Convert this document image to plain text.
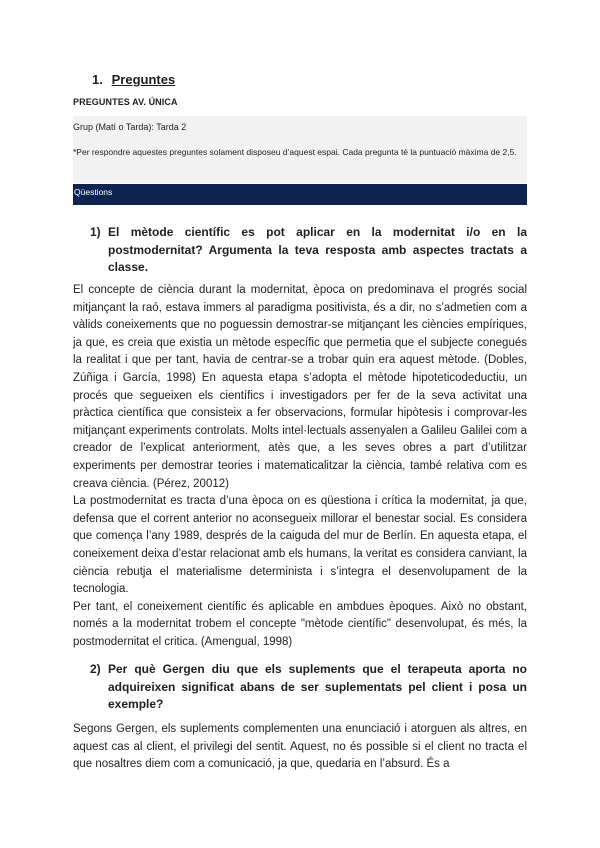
1. Preguntes
PREGUNTES AV. ÚNICA
Grup (Matí o Tarda): Tarda 2
*Per respondre aquestes preguntes solament disposeu d’aquest espai. Cada pregunta té la puntuació màxima de 2,5.
Qüestions
1) El mètode científic es pot aplicar en la modernitat i/o en la postmodernitat? Argumenta la teva resposta amb aspectes tractats a classe.

El concepte de ciència durant la modernitat, època on predominava el progrés social mitjançant la raó, estava immers al paradigma positivista, és a dir, no s’admetien com a vàlids coneixements que no poguessin demostrar-se mitjançant les ciències empíriques, ja que, es creia que existia un mètode específic que permetia que el subjecte conegués la realitat i que per tant, havia de centrar-se a trobar quin era aquest mètode. (Dobles, Zúñiga i García, 1998) En aquesta etapa s’adopta el mètode hipoteticodeductiu, un procés que segueixen els científics i investigadors per fer de la seva activitat una pràctica científica que consisteix a fer observacions, formular hipòtesis i comprovar-les mitjançant experiments controlats. Molts intel·lectuals assenyalen a Galileu Galilei com a creador de l’explicat anteriorment, atès que, a les seves obres a part d’utilitzar experiments per demostrar teories i matematicalitzar la ciència, també relativa com es creava ciència. (Pérez, 20012)

La postmodernitat es tracta d’una època on es qüestiona i crítica la modernitat, ja que, defensa que el corrent anterior no aconsegueix millorar el benestar social. Es considera que comença l’any 1989, després de la caiguda del mur de Berlín. En aquesta etapa, el coneixement deixa d’estar relacionat amb els humans, la veritat es considera canviant, la ciència rebutja el materialisme determinista i s’integra el desenvolupament de la tecnologia.

Per tant, el coneixement científic és aplicable en ambdues èpoques. Això no obstant, només a la modernitat trobem el concepte "mètode científic" desenvolupat, és més, la postmodernitat el critica. (Amengual, 1998)

2) Per què Gergen diu que els suplements que el terapeuta aporta no adquireixen significat abans de ser suplementats pel client i posa un exemple?

Segons Gergen, els suplements complementen una enunciació i atorguen als altres, en aquest cas al client, el privilegi del sentit. Aquest, no és possible si el client no tracta el que nosaltres diem com a comunicació, ja que, quedaria en l’absurd. És a
